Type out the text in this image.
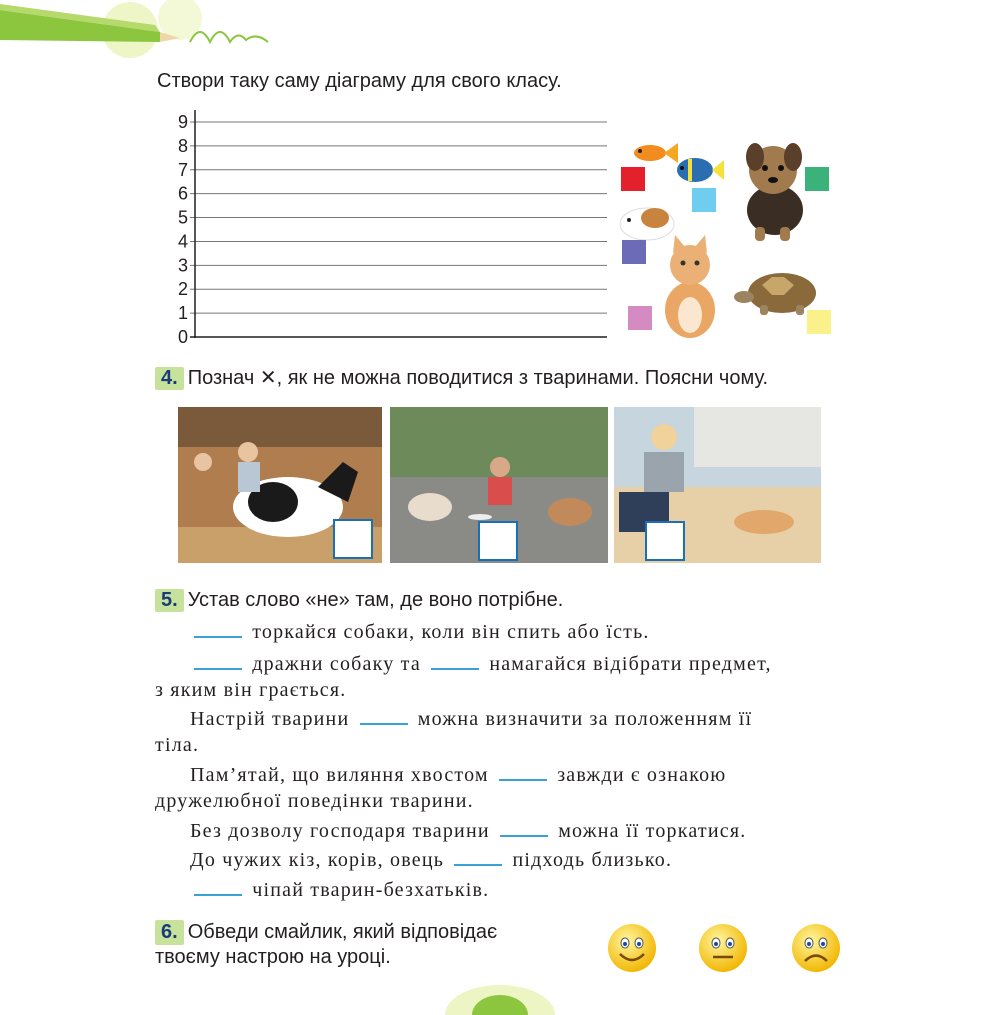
Створи таку саму діаграму для свого класу.
0
1
2
3
4
5
6
7
8
9
4. Познач ✕, як не можна поводитися з тваринами. Поясни чому.
5. Устав слово «не» там, де воно потрібне.
торкайся собаки, коли він спить або їсть.
дражни собаку та	намагайся відібрати предмет,
з яким він грається.
Настрій тварини	можна визначити за положенням її
тіла.
Пам’ятай, що виляння хвостом	завжди є ознакою
дружелюбної поведінки тварини.
Без дозволу господаря тварини	можна її торкатися.
До чужих кіз, корів, овець	підходь близько.
чіпай тварин-безхатьків.
6. Обведи смайлик, який відповідає
твоєму настрою на уроці.
